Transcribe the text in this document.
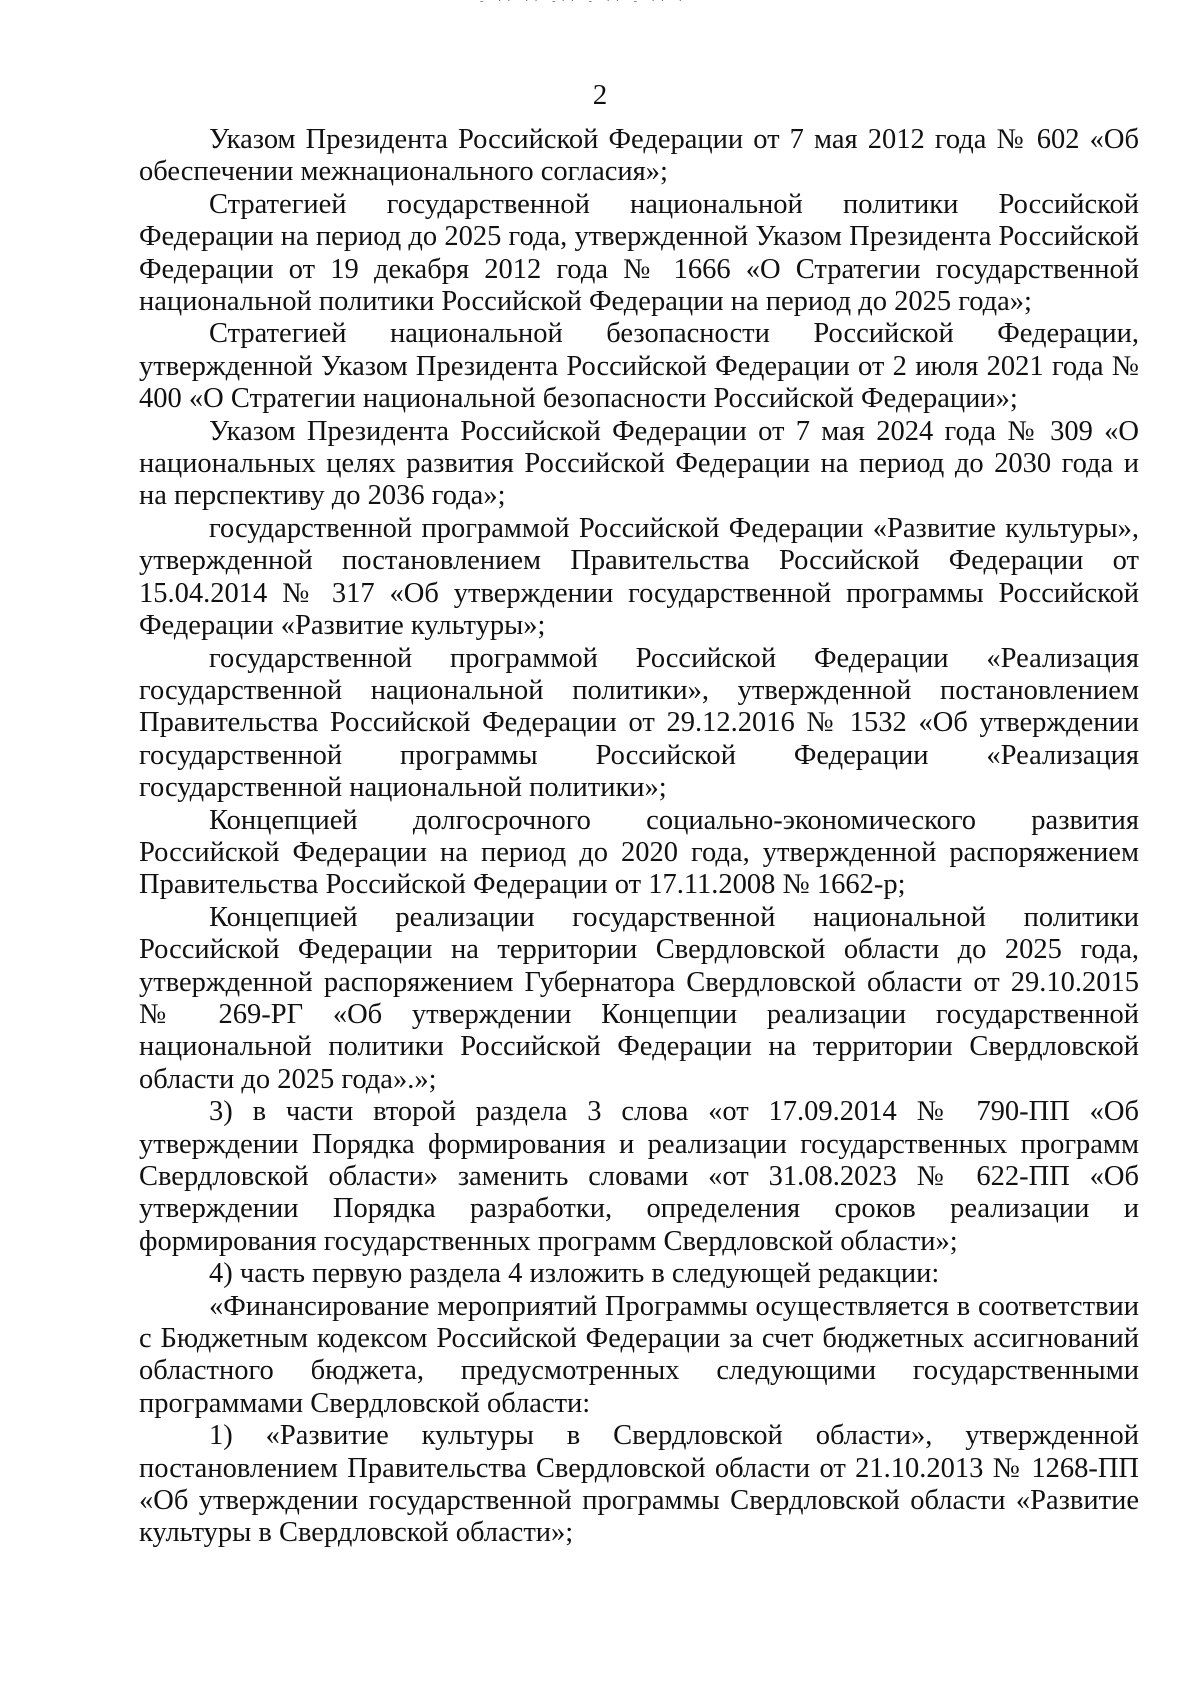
- ·· ·· -·· - ·· - ·· ·
2

Указом Президента Российской Федерации от 7 мая 2012 года № 602 «Об обеспечении межнационального согласия»;

Стратегией государственной национальной политики Российской Федерации на период до 2025 года, утвержденной Указом Президента Российской Федерации от 19 декабря 2012 года № 1666 «О Стратегии государственной национальной политики Российской Федерации на период до 2025 года»;

Стратегией национальной безопасности Российской Федерации, утвержденной Указом Президента Российской Федерации от 2 июля 2021 года № 400 «О Стратегии национальной безопасности Российской Федерации»;

Указом Президента Российской Федерации от 7 мая 2024 года № 309 «О национальных целях развития Российской Федерации на период до 2030 года и на перспективу до 2036 года»;

государственной программой Российской Федерации «Развитие культуры», утвержденной постановлением Правительства Российской Федерации от 15.04.2014 № 317 «Об утверждении государственной программы Российской Федерации «Развитие культуры»;

государственной программой Российской Федерации «Реализация государственной национальной политики», утвержденной постановлением Правительства Российской Федерации от 29.12.2016 № 1532 «Об утверждении государственной программы Российской Федерации «Реализация государственной национальной политики»;

Концепцией долгосрочного социально-экономического развития Российской Федерации на период до 2020 года, утвержденной распоряжением Правительства Российской Федерации от 17.11.2008 № 1662-р;

Концепцией реализации государственной национальной политики Российской Федерации на территории Свердловской области до 2025 года, утвержденной распоряжением Губернатора Свердловской области от 29.10.2015 № 269-РГ «Об утверждении Концепции реализации государственной национальной политики Российской Федерации на территории Свердловской области до 2025 года».»;

3) в части второй раздела 3 слова «от 17.09.2014 № 790-ПП «Об утверждении Порядка формирования и реализации государственных программ Свердловской области» заменить словами «от 31.08.2023 № 622-ПП «Об утверждении Порядка разработки, определения сроков реализации и формирования государственных программ Свердловской области»;

4) часть первую раздела 4 изложить в следующей редакции:

«Финансирование мероприятий Программы осуществляется в соответствии с Бюджетным кодексом Российской Федерации за счет бюджетных ассигнований областного бюджета, предусмотренных следующими государственными программами Свердловской области:

1) «Развитие культуры в Свердловской области», утвержденной постановлением Правительства Свердловской области от 21.10.2013 № 1268-ПП «Об утверждении государственной программы Свердловской области «Развитие культуры в Свердловской области»;
